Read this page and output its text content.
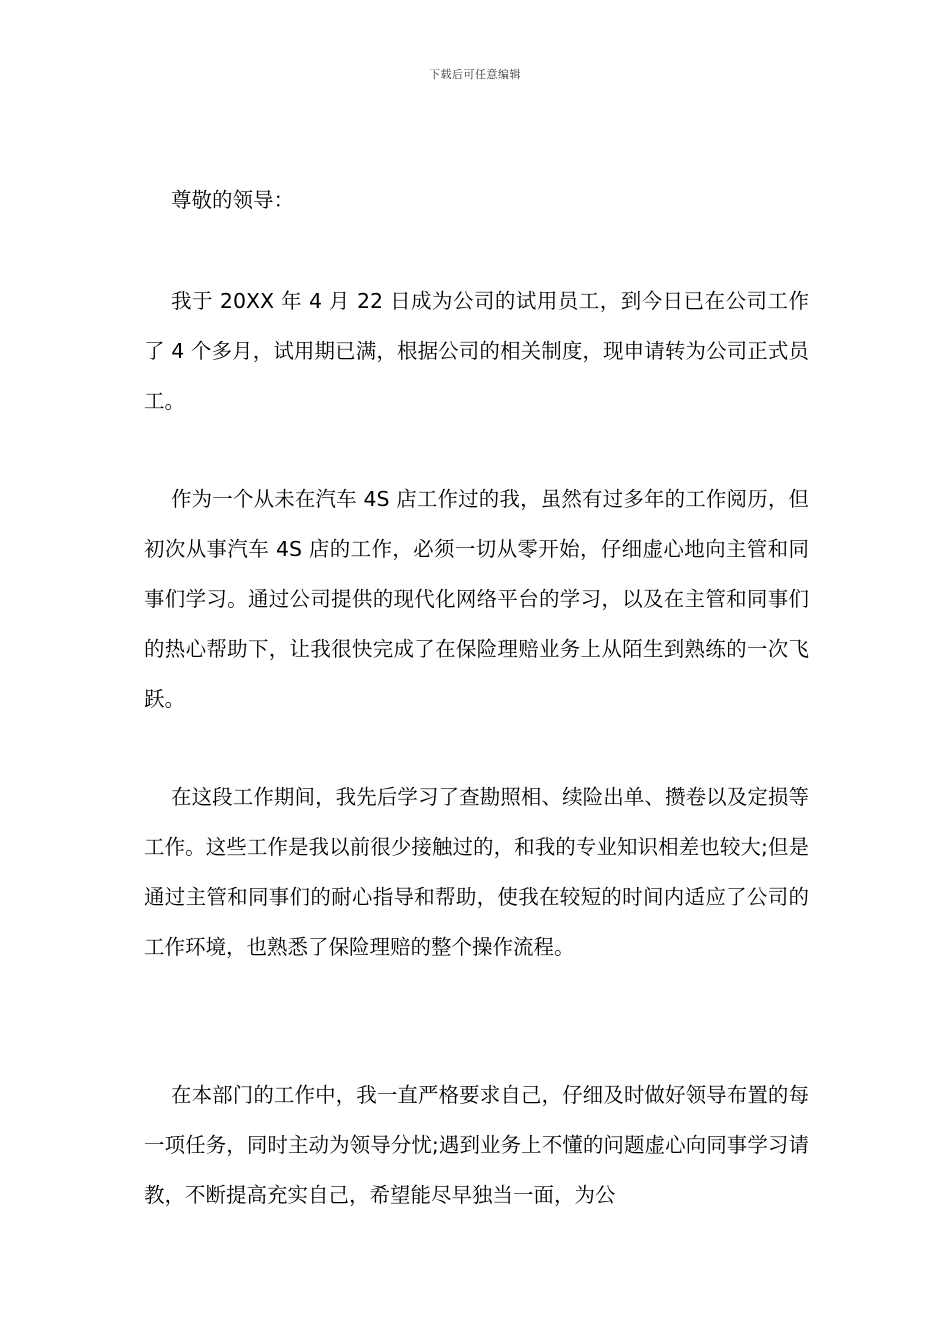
下载后可任意编辑
尊敬的领导：

我于 20XX 年 4 月 22 日成为公司的试用员工，到今日已在公司工作了 4 个多月，试用期已满，根据公司的相关制度，现申请转为公司正式员工。

作为一个从未在汽车 4S 店工作过的我，虽然有过多年的工作阅历，但初次从事汽车 4S 店的工作，必须一切从零开始，仔细虚心地向主管和同事们学习。通过公司提供的现代化网络平台的学习，以及在主管和同事们的热心帮助下，让我很快完成了在保险理赔业务上从陌生到熟练的一次飞跃。

在这段工作期间，我先后学习了查勘照相、续险出单、攒卷以及定损等工作。这些工作是我以前很少接触过的，和我的专业知识相差也较大;但是通过主管和同事们的耐心指导和帮助，使我在较短的时间内适应了公司的工作环境，也熟悉了保险理赔的整个操作流程。

在本部门的工作中，我一直严格要求自己，仔细及时做好领导布置的每一项任务，同时主动为领导分忧;遇到业务上不懂的问题虚心向同事学习请教，不断提高充实自己，希望能尽早独当一面，为公
